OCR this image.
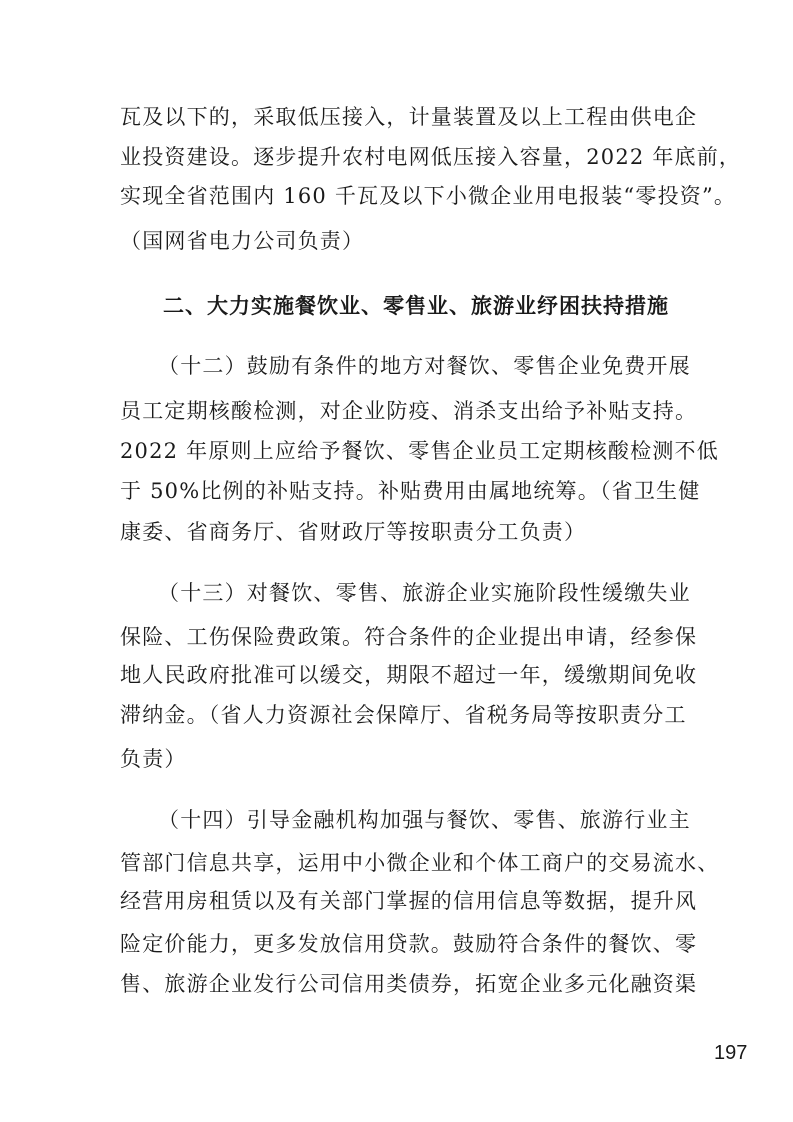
瓦及以下的，采取低压接入，计量装置及以上工程由供电企
业投资建设。逐步提升农村电网低压接入容量，2022 年底前，
实现全省范围内 160 千瓦及以下小微企业用电报装“零投资”。
（国网省电力公司负责）
二、大力实施餐饮业、零售业、旅游业纾困扶持措施
（十二）鼓励有条件的地方对餐饮、零售企业免费开展
员工定期核酸检测，对企业防疫、消杀支出给予补贴支持。
2022 年原则上应给予餐饮、零售企业员工定期核酸检测不低
于 50%比例的补贴支持。补贴费用由属地统筹。（省卫生健
康委、省商务厅、省财政厅等按职责分工负责）
（十三）对餐饮、零售、旅游企业实施阶段性缓缴失业
保险、工伤保险费政策。符合条件的企业提出申请，经参保
地人民政府批准可以缓交，期限不超过一年，缓缴期间免收
滞纳金。（省人力资源社会保障厅、省税务局等按职责分工
负责）
（十四）引导金融机构加强与餐饮、零售、旅游行业主
管部门信息共享，运用中小微企业和个体工商户的交易流水、
经营用房租赁以及有关部门掌握的信用信息等数据，提升风
险定价能力，更多发放信用贷款。鼓励符合条件的餐饮、零
售、旅游企业发行公司信用类债券，拓宽企业多元化融资渠
197
